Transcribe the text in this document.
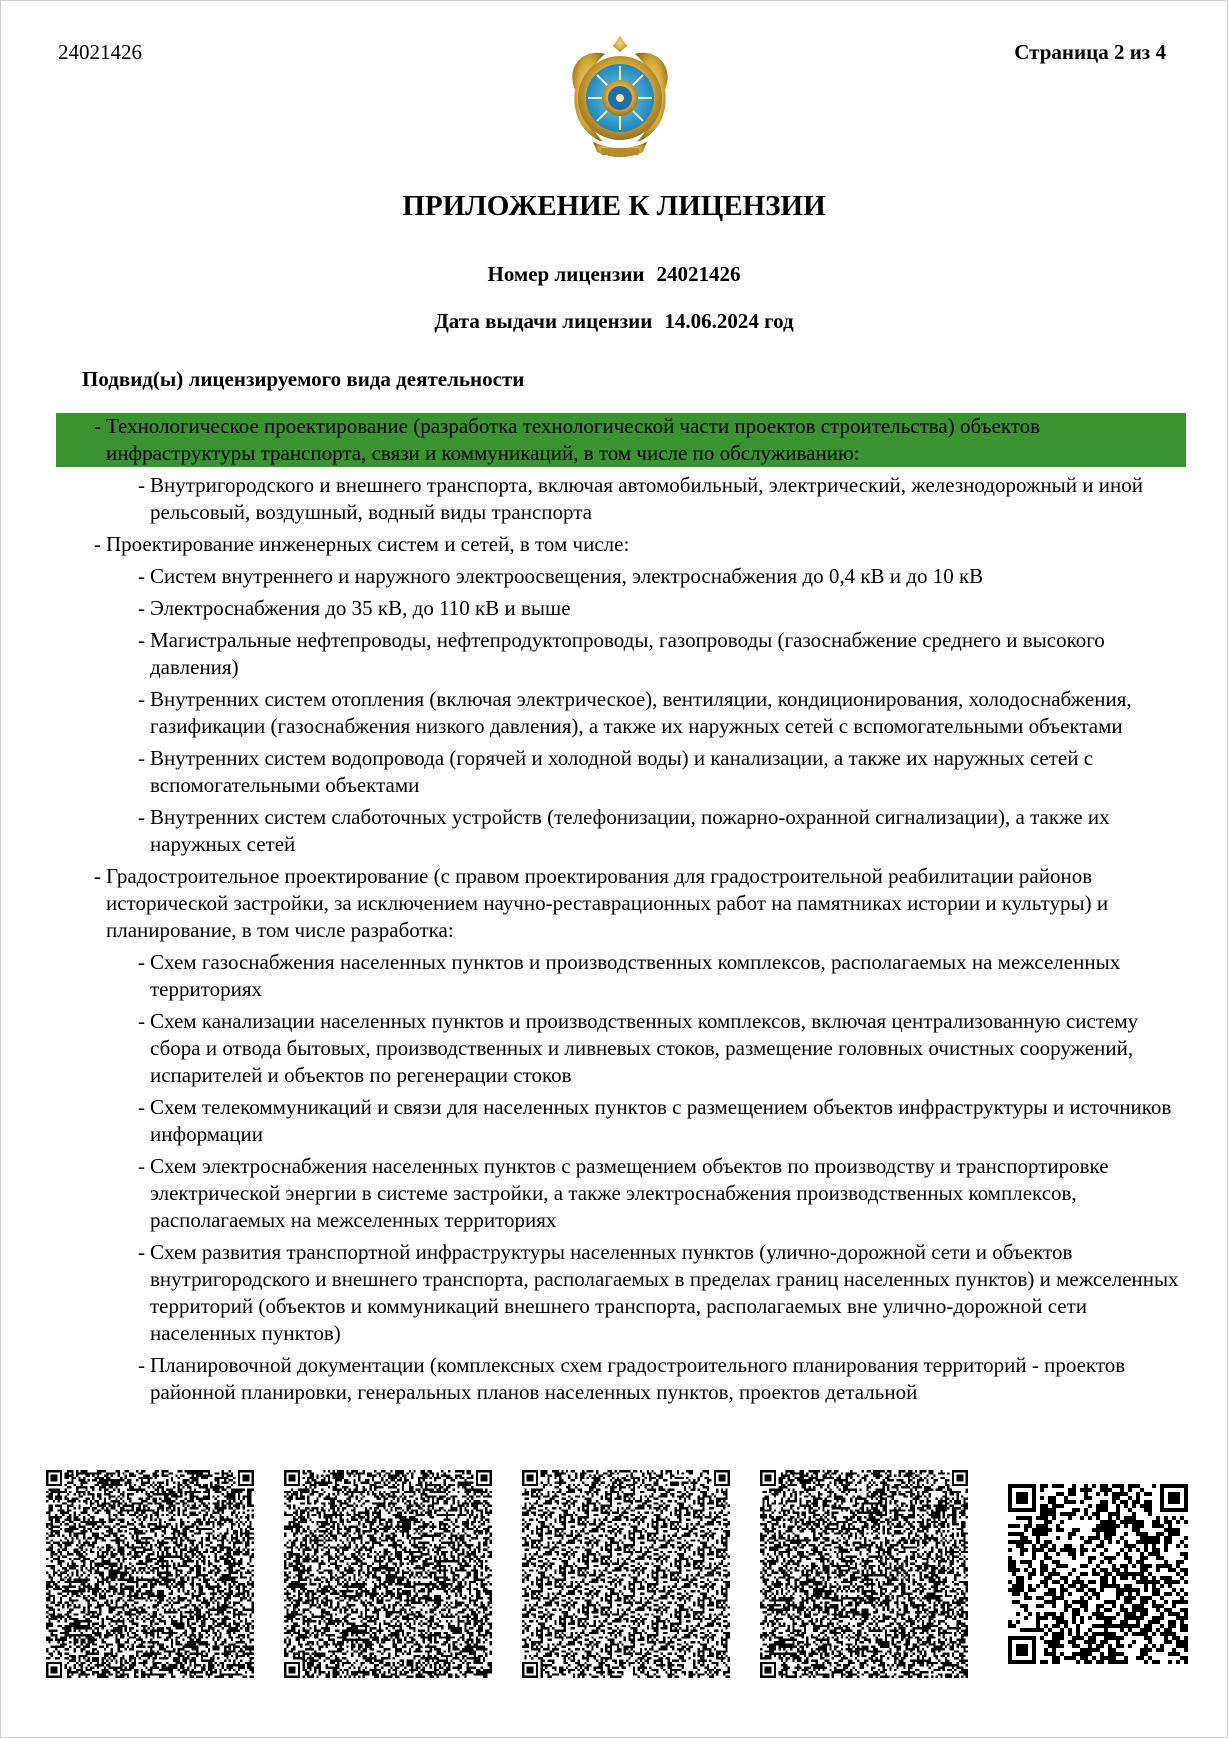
24021426	Страница 2 из 4
ПРИЛОЖЕНИЕ К ЛИЦЕНЗИИ
Номер лицензии 24021426
Дата выдачи лицензии 14.06.2024 год
Подвид(ы) лицензируемого вида деятельности
- Технологическое проектирование (разработка технологической части проектов строительства) объектов инфраструктуры транспорта, связи и коммуникаций, в том числе по обслуживанию:
- Внутригородского и внешнего транспорта, включая автомобильный, электрический, железнодорожный и иной рельсовый, воздушный, водный виды транспорта
- Проектирование инженерных систем и сетей, в том числе:
- Систем внутреннего и наружного электроосвещения, электроснабжения до 0,4 кВ и до 10 кВ
- Электроснабжения до 35 кВ, до 110 кВ и выше
- Магистральные нефтепроводы, нефтепродуктопроводы, газопроводы (газоснабжение среднего и высокого давления)
- Внутренних систем отопления (включая электрическое), вентиляции, кондиционирования, холодоснабжения, газификации (газоснабжения низкого давления), а также их наружных сетей с вспомогательными объектами
- Внутренних систем водопровода (горячей и холодной воды) и канализации, а также их наружных сетей с вспомогательными объектами
- Внутренних систем слаботочных устройств (телефонизации, пожарно-охранной сигнализации), а также их наружных сетей
- Градостроительное проектирование (с правом проектирования для градостроительной реабилитации районов исторической застройки, за исключением научно-реставрационных работ на памятниках истории и культуры) и планирование, в том числе разработка:
- Схем газоснабжения населенных пунктов и производственных комплексов, располагаемых на межселенных территориях
- Схем канализации населенных пунктов и производственных комплексов, включая централизованную систему сбора и отвода бытовых, производственных и ливневых стоков, размещение головных очистных сооружений, испарителей и объектов по регенерации стоков
- Схем телекоммуникаций и связи для населенных пунктов с размещением объектов инфраструктуры и источников информации
- Схем электроснабжения населенных пунктов с размещением объектов по производству и транспортировке электрической энергии в системе застройки, а также электроснабжения производственных комплексов, располагаемых на межселенных территориях
- Схем развития транспортной инфраструктуры населенных пунктов (улично-дорожной сети и объектов внутригородского и внешнего транспорта, располагаемых в пределах границ населенных пунктов) и межселенных территорий (объектов и коммуникаций внешнего транспорта, располагаемых вне улично-дорожной сети населенных пунктов)
- Планировочной документации (комплексных схем градостроительного планирования территорий - проектов районной планировки, генеральных планов населенных пунктов, проектов детальной
